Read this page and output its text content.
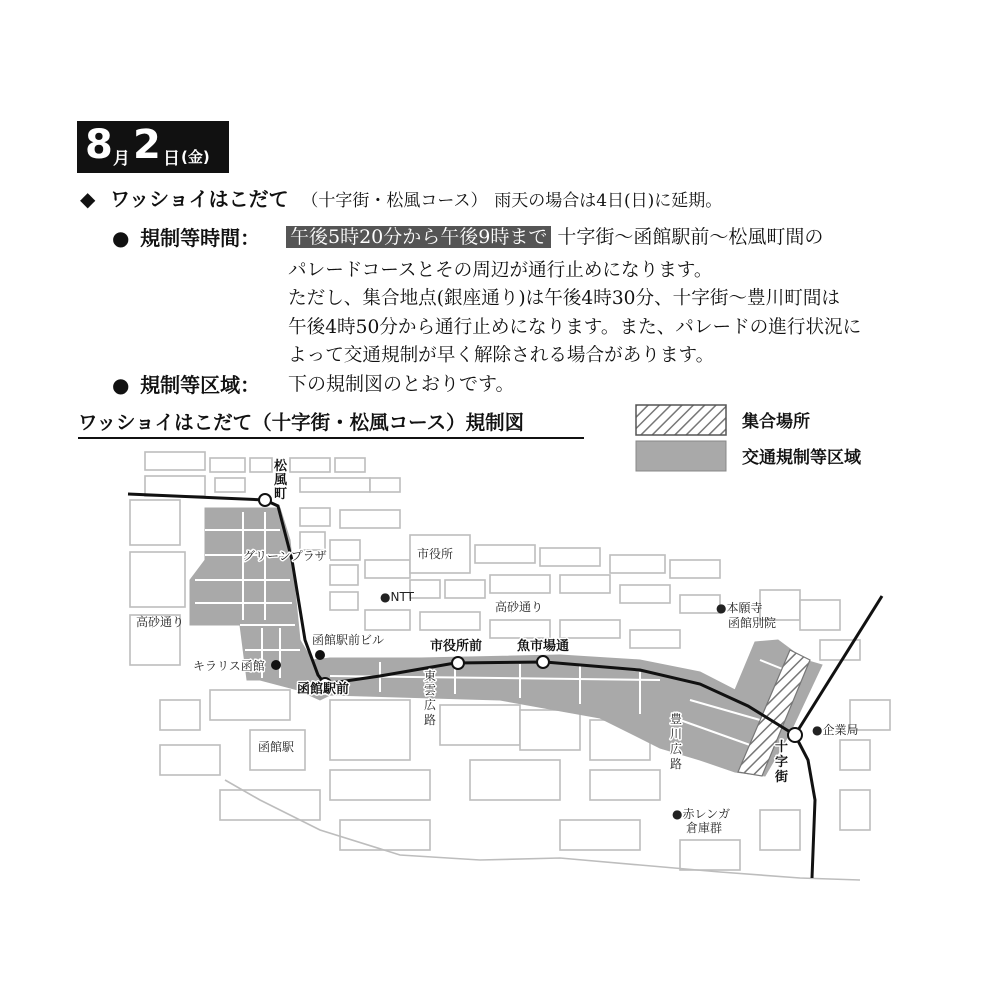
8 月 2 日 (金)
◆ ワッショイはこだて （十字街・松風コース） 雨天の場合は4日(日)に延期。
● 規制等時間： 午後5時20分から午後9時まで 十字街〜函館駅前〜松風町間の
パレードコースとその周辺が通行止めになります。
ただし、集合地点(銀座通り)は午後4時30分、十字街〜豊川町間は
午後4時50分から通行止めになります。また、パレードの進行状況に
よって交通規制が早く解除される場合があります。
● 規制等区域： 下の規制図のとおりです。
ワッショイはこだて（十字街・松風コース）規制図	集合場所
交通規制等区域
松
風
町
グリーンプラザ	市役所
●NTT
高砂通り
高砂通り	●本願寺
函館別院
函館駅前ビル	市役所前	魚市場通
キラリス函館
函館駅前
東
雲
広
路
函館駅
豊
川
広
路
●企業局
十
字
街
●赤レンガ
倉庫群
